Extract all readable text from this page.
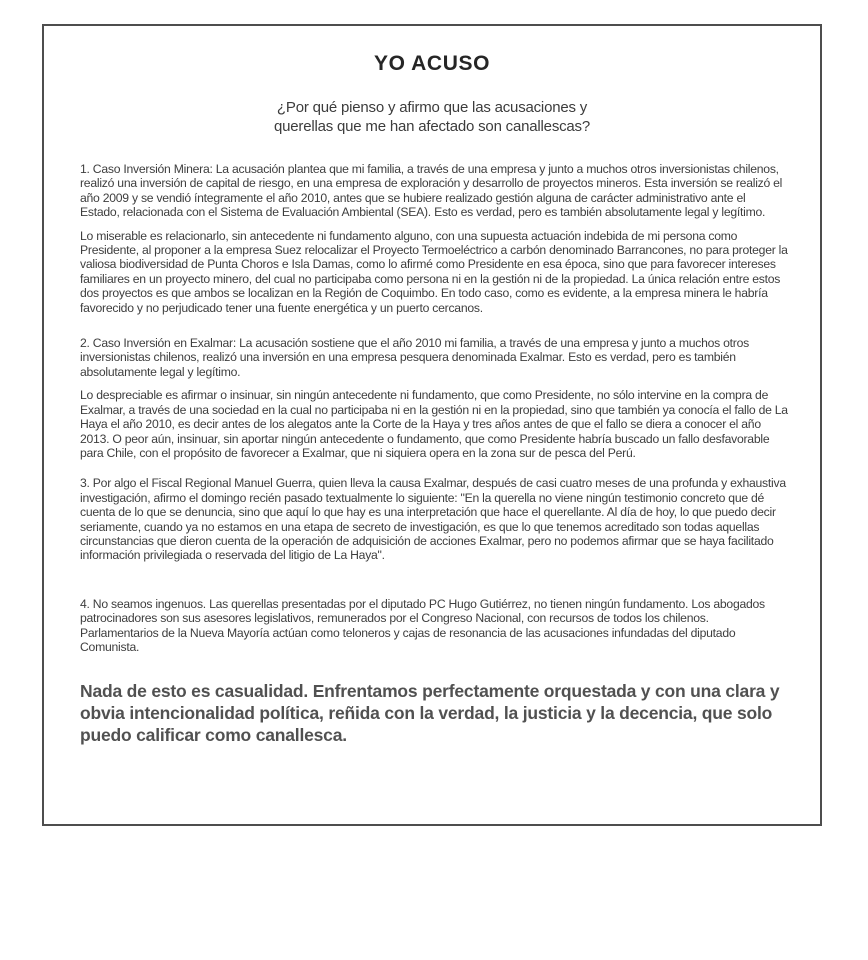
YO ACUSO

¿Por qué pienso y afirmo que las acusaciones y querellas que me han afectado son canallescas?

1. Caso Inversión Minera: La acusación plantea que mi familia, a través de una empresa y junto a muchos otros inversionistas chilenos, realizó una inversión de capital de riesgo, en una empresa de exploración y desarrollo de proyectos mineros. Esta inversión se realizó el año 2009 y se vendió íntegramente el año 2010, antes que se hubiere realizado gestión alguna de carácter administrativo ante el Estado, relacionada con el Sistema de Evaluación Ambiental (SEA). Esto es verdad, pero es también absolutamente legal y legítimo.

Lo miserable es relacionarlo, sin antecedente ni fundamento alguno, con una supuesta actuación indebida de mi persona como Presidente, al proponer a la empresa Suez relocalizar el Proyecto Termoeléctrico a carbón denominado Barrancones, no para proteger la valiosa biodiversidad de Punta Choros e Isla Damas, como lo afirmé como Presidente en esa época, sino que para favorecer intereses familiares en un proyecto minero, del cual no participaba como persona ni en la gestión ni de la propiedad. La única relación entre estos dos proyectos es que ambos se localizan en la Región de Coquimbo. En todo caso, como es evidente, a la empresa minera le habría favorecido y no perjudicado tener una fuente energética y un puerto cercanos.

2. Caso Inversión en Exalmar: La acusación sostiene que el año 2010 mi familia, a través de una empresa y junto a muchos otros inversionistas chilenos, realizó una inversión en una empresa pesquera denominada Exalmar. Esto es verdad, pero es también absolutamente legal y legítimo.

Lo despreciable es afirmar o insinuar, sin ningún antecedente ni fundamento, que como Presidente, no sólo intervine en la compra de Exalmar, a través de una sociedad en la cual no participaba ni en la gestión ni en la propiedad, sino que también ya conocía el fallo de La Haya el año 2010, es decir antes de los alegatos ante la Corte de la Haya y tres años antes de que el fallo se diera a conocer el año 2013. O peor aún, insinuar, sin aportar ningún antecedente o fundamento, que como Presidente habría buscado un fallo desfavorable para Chile, con el propósito de favorecer a Exalmar, que ni siquiera opera en la zona sur de pesca del Perú.

3. Por algo el Fiscal Regional Manuel Guerra, quien lleva la causa Exalmar, después de casi cuatro meses de una profunda y exhaustiva investigación, afirmo el domingo recién pasado textualmente lo siguiente: "En la querella no viene ningún testimonio concreto que dé cuenta de lo que se denuncia, sino que aquí lo que hay es una interpretación que hace el querellante. Al día de hoy, lo que puedo decir seriamente, cuando ya no estamos en una etapa de secreto de investigación, es que lo que tenemos acreditado son todas aquellas circunstancias que dieron cuenta de la operación de adquisición de acciones Exalmar, pero no podemos afirmar que se haya facilitado información privilegiada o reservada del litigio de La Haya".

4. No seamos ingenuos. Las querellas presentadas por el diputado PC Hugo Gutiérrez, no tienen ningún fundamento. Los abogados patrocinadores son sus asesores legislativos, remunerados por el Congreso Nacional, con recursos de todos los chilenos. Parlamentarios de la Nueva Mayoría actúan como teloneros y cajas de resonancia de las acusaciones infundadas del diputado Comunista.

Nada de esto es casualidad. Enfrentamos perfectamente orquestada y con una clara y obvia intencionalidad política, reñida con la verdad, la justicia y la decencia, que solo puedo calificar como canallesca.
